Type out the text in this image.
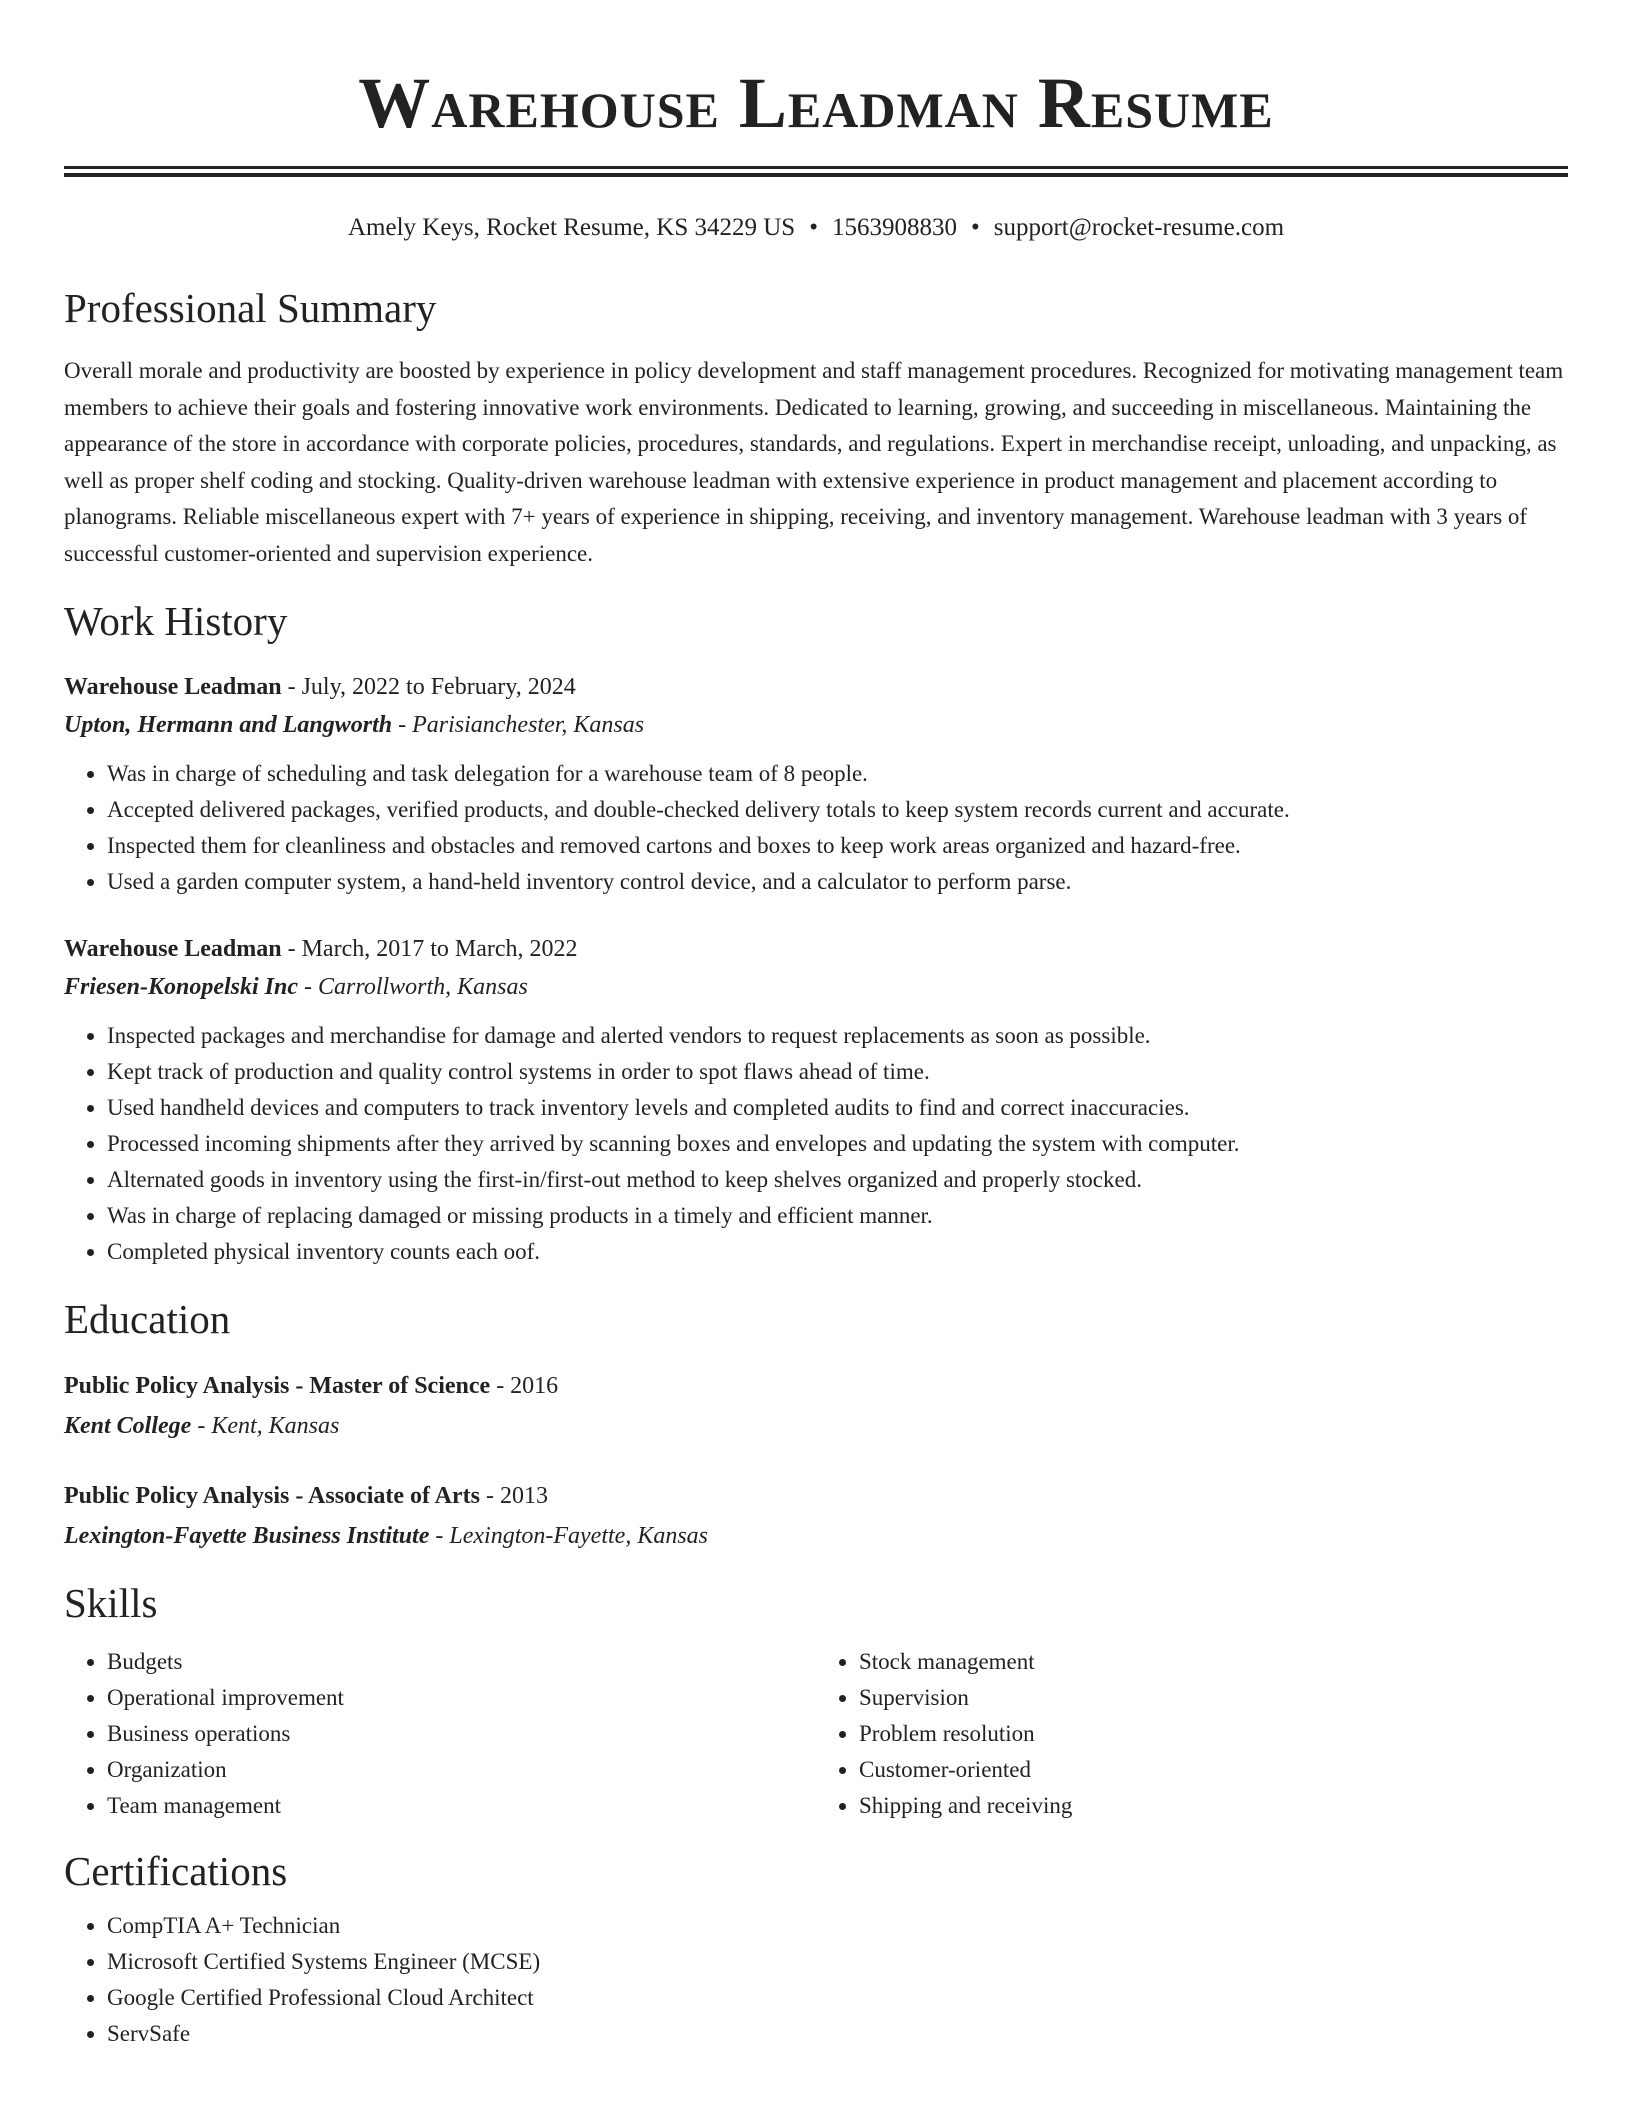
Warehouse Leadman Resume
Amely Keys, Rocket Resume, KS 34229 US • 1563908830 • support@rocket-resume.com
Professional Summary

Overall morale and productivity are boosted by experience in policy development and staff management procedures. Recognized for motivating management team members to achieve their goals and fostering innovative work environments. Dedicated to learning, growing, and succeeding in miscellaneous. Maintaining the appearance of the store in accordance with corporate policies, procedures, standards, and regulations. Expert in merchandise receipt, unloading, and unpacking, as well as proper shelf coding and stocking. Quality-driven warehouse leadman with extensive experience in product management and placement according to planograms. Reliable miscellaneous expert with 7+ years of experience in shipping, receiving, and inventory management. Warehouse leadman with 3 years of successful customer-oriented and supervision experience.

Work History
Warehouse Leadman - July, 2022 to February, 2024
Upton, Hermann and Langworth - Parisianchester, Kansas
• Was in charge of scheduling and task delegation for a warehouse team of 8 people.
• Accepted delivered packages, verified products, and double-checked delivery totals to keep system records current and accurate.
• Inspected them for cleanliness and obstacles and removed cartons and boxes to keep work areas organized and hazard-free.
• Used a garden computer system, a hand-held inventory control device, and a calculator to perform parse.
Warehouse Leadman - March, 2017 to March, 2022
Friesen-Konopelski Inc - Carrollworth, Kansas
• Inspected packages and merchandise for damage and alerted vendors to request replacements as soon as possible.
• Kept track of production and quality control systems in order to spot flaws ahead of time.
• Used handheld devices and computers to track inventory levels and completed audits to find and correct inaccuracies.
• Processed incoming shipments after they arrived by scanning boxes and envelopes and updating the system with computer.
• Alternated goods in inventory using the first-in/first-out method to keep shelves organized and properly stocked.
• Was in charge of replacing damaged or missing products in a timely and efficient manner.
• Completed physical inventory counts each oof.
Education
Public Policy Analysis - Master of Science - 2016
Kent College - Kent, Kansas
Public Policy Analysis - Associate of Arts - 2013
Lexington-Fayette Business Institute - Lexington-Fayette, Kansas
Skills
• Budgets
• Operational improvement
• Business operations
• Organization
• Team management
• Stock management
• Supervision
• Problem resolution
• Customer-oriented
• Shipping and receiving
Certifications
• CompTIA A+ Technician
• Microsoft Certified Systems Engineer (MCSE)
• Google Certified Professional Cloud Architect
• ServSafe
